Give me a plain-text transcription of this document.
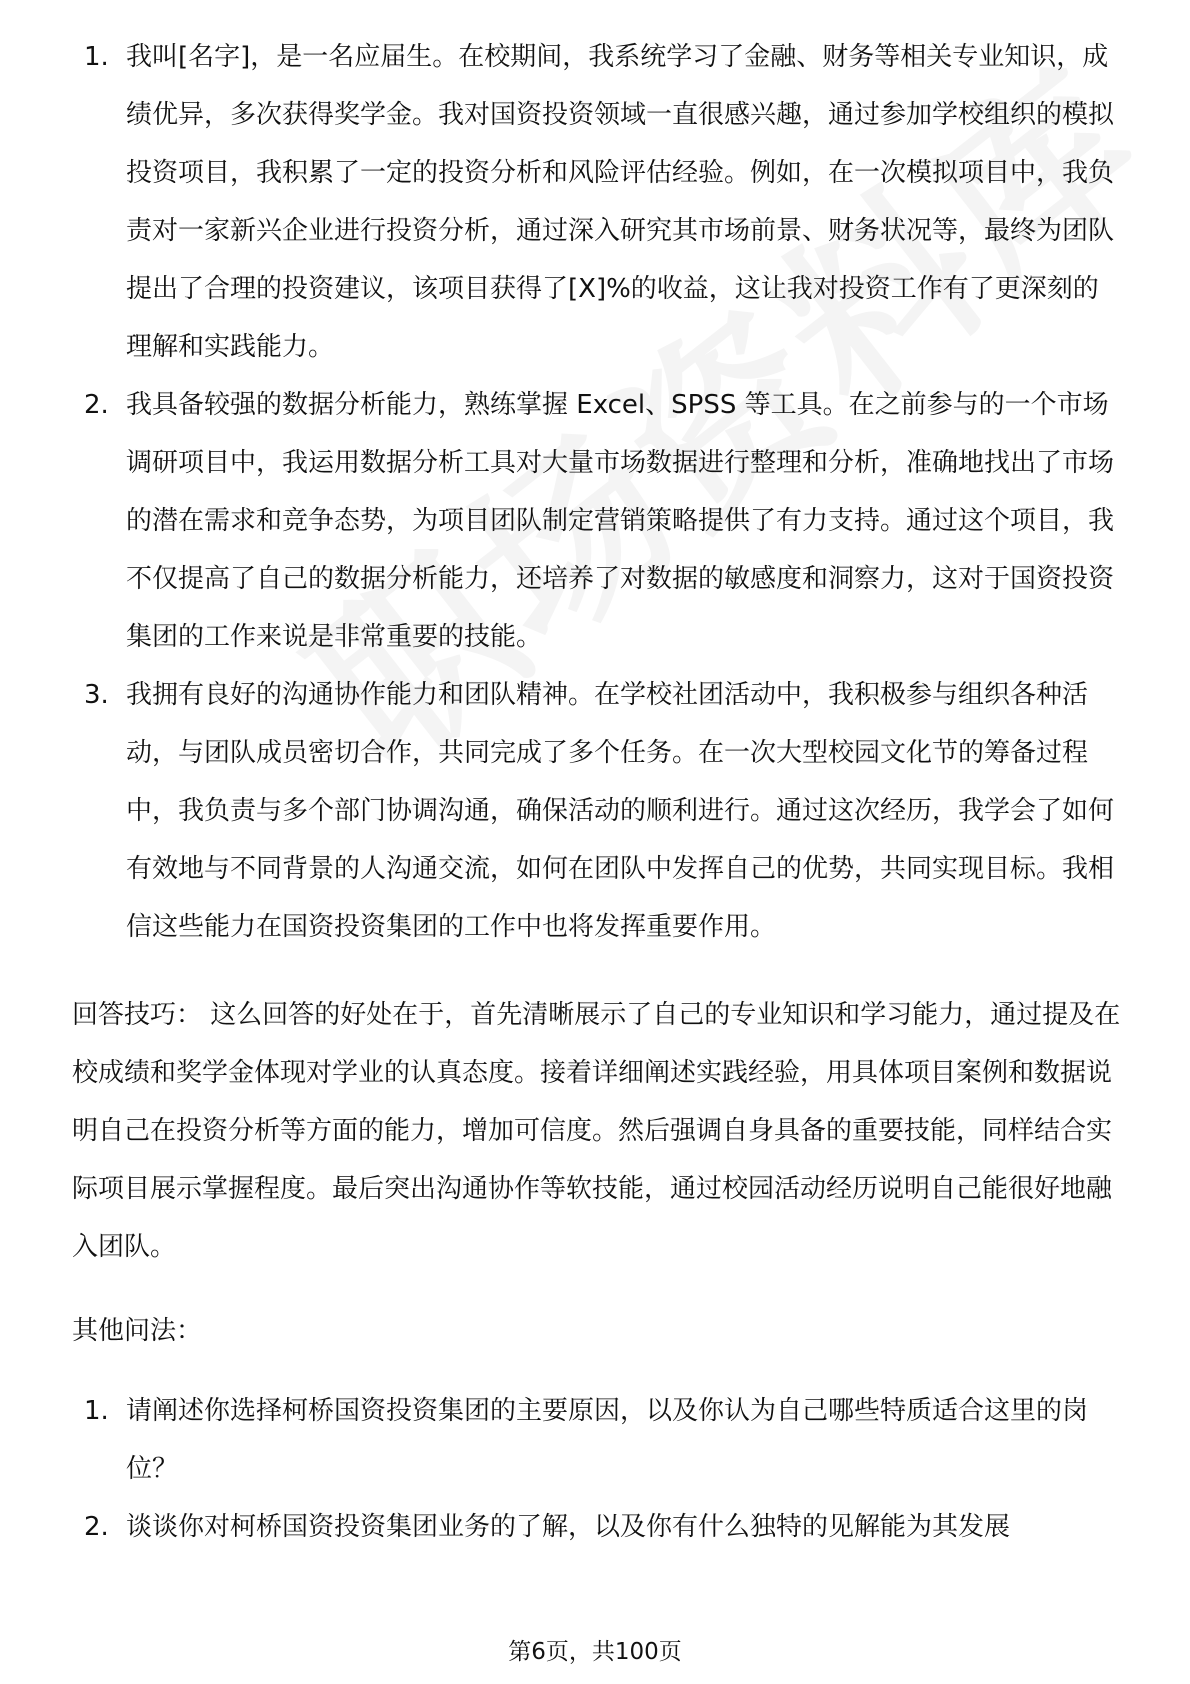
1. 我叫[名字]，是一名应届生。在校期间，我系统学习了金融、财务等相关专业知识，成绩优异，多次获得奖学金。我对国资投资领域一直很感兴趣，通过参加学校组织的模拟投资项目，我积累了一定的投资分析和风险评估经验。例如，在一次模拟项目中，我负责对一家新兴企业进行投资分析，通过深入研究其市场前景、财务状况等，最终为团队提出了合理的投资建议，该项目获得了[X]%的收益，这让我对投资工作有了更深刻的理解和实践能力。
2. 我具备较强的数据分析能力，熟练掌握 Excel、SPSS 等工具。在之前参与的一个市场调研项目中，我运用数据分析工具对大量市场数据进行整理和分析，准确地找出了市场的潜在需求和竞争态势，为项目团队制定营销策略提供了有力支持。通过这个项目，我不仅提高了自己的数据分析能力，还培养了对数据的敏感度和洞察力，这对于国资投资集团的工作来说是非常重要的技能。
3. 我拥有良好的沟通协作能力和团队精神。在学校社团活动中，我积极参与组织各种活动，与团队成员密切合作，共同完成了多个任务。在一次大型校园文化节的筹备过程中，我负责与多个部门协调沟通，确保活动的顺利进行。通过这次经历，我学会了如何有效地与不同背景的人沟通交流，如何在团队中发挥自己的优势，共同实现目标。我相信这些能力在国资投资集团的工作中也将发挥重要作用。

回答技巧： 这么回答的好处在于，首先清晰展示了自己的专业知识和学习能力，通过提及在校成绩和奖学金体现对学业的认真态度。接着详细阐述实践经验，用具体项目案例和数据说明自己在投资分析等方面的能力，增加可信度。然后强调自身具备的重要技能，同样结合实际项目展示掌握程度。最后突出沟通协作等软技能，通过校园活动经历说明自己能很好地融入团队。

其他问法：

1. 请阐述你选择柯桥国资投资集团的主要原因，以及你认为自己哪些特质适合这里的岗位？
2. 谈谈你对柯桥国资投资集团业务的了解，以及你有什么独特的见解能为其发展
第6页，共100页
